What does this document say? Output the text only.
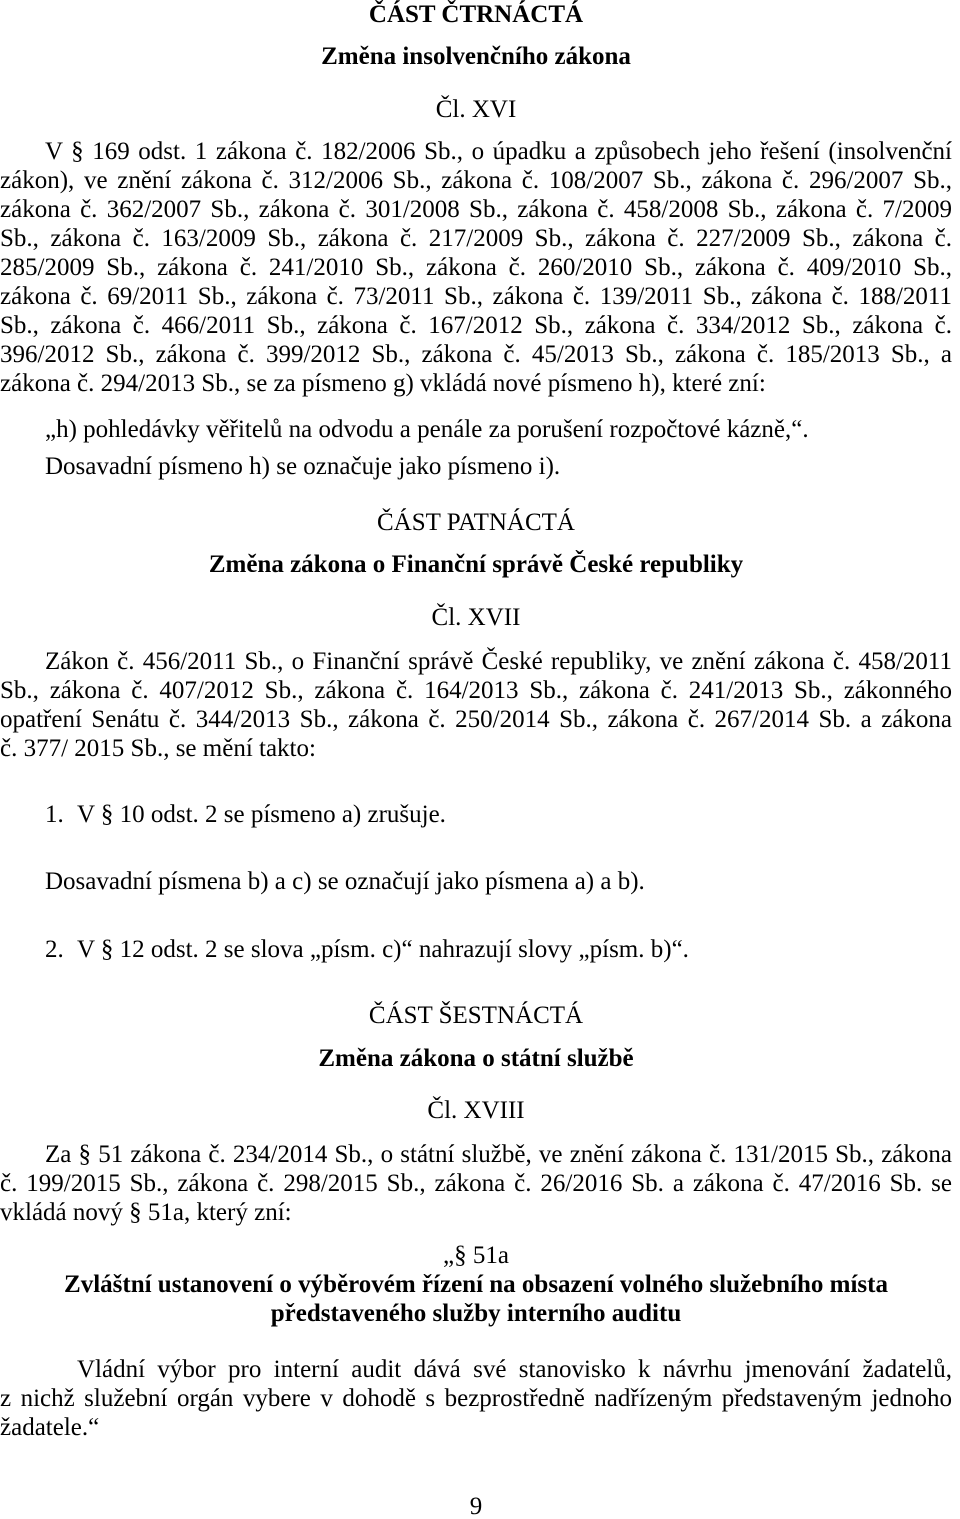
ČÁST ČTRNÁCTÁ
Změna insolvenčního zákona
Čl. XVI
V § 169 odst. 1 zákona č. 182/2006 Sb., o úpadku a způsobech jeho řešení (insolvenční
zákon), ve znění zákona č. 312/2006 Sb., zákona č. 108/2007 Sb., zákona č. 296/2007 Sb.,
zákona č. 362/2007 Sb., zákona č. 301/2008 Sb., zákona č. 458/2008 Sb., zákona č. 7/2009
Sb., zákona č. 163/2009 Sb., zákona č. 217/2009 Sb., zákona č. 227/2009 Sb., zákona č.
285/2009 Sb., zákona č. 241/2010 Sb., zákona č. 260/2010 Sb., zákona č. 409/2010 Sb.,
zákona č. 69/2011 Sb., zákona č. 73/2011 Sb., zákona č. 139/2011 Sb., zákona č. 188/2011
Sb., zákona č. 466/2011 Sb., zákona č. 167/2012 Sb., zákona č. 334/2012 Sb., zákona č.
396/2012 Sb., zákona č. 399/2012 Sb., zákona č. 45/2013 Sb., zákona č. 185/2013 Sb., a
zákona č. 294/2013 Sb., se za písmeno g) vkládá nové písmeno h), které zní:
„h) pohledávky věřitelů na odvodu a penále za porušení rozpočtové kázně,“.
Dosavadní písmeno h) se označuje jako písmeno i).
ČÁST PATNÁCTÁ
Změna zákona o Finanční správě České republiky
Čl. XVII
Zákon č. 456/2011 Sb., o Finanční správě České republiky, ve znění zákona č. 458/2011
Sb., zákona č. 407/2012 Sb., zákona č. 164/2013 Sb., zákona č. 241/2013 Sb., zákonného
opatření Senátu č. 344/2013 Sb., zákona č. 250/2014 Sb., zákona č. 267/2014 Sb. a zákona
č. 377/ 2015 Sb., se mění takto:
1. V § 10 odst. 2 se písmeno a) zrušuje.
Dosavadní písmena b) a c) se označují jako písmena a) a b).
2. V § 12 odst. 2 se slova „písm. c)“ nahrazují slovy „písm. b)“.
ČÁST ŠESTNÁCTÁ
Změna zákona o státní službě
Čl. XVIII
Za § 51 zákona č. 234/2014 Sb., o státní službě, ve znění zákona č. 131/2015 Sb., zákona
č. 199/2015 Sb., zákona č. 298/2015 Sb., zákona č. 26/2016 Sb. a zákona č. 47/2016 Sb. se
vkládá nový § 51a, který zní:
„§ 51a
Zvláštní ustanovení o výběrovém řízení na obsazení volného služebního místa představeného služby interního auditu
Vládní výbor pro interní audit dává své stanovisko k návrhu jmenování žadatelů,
z nichž služební orgán vybere v dohodě s bezprostředně nadřízeným představeným jednoho
žadatele.“
9
